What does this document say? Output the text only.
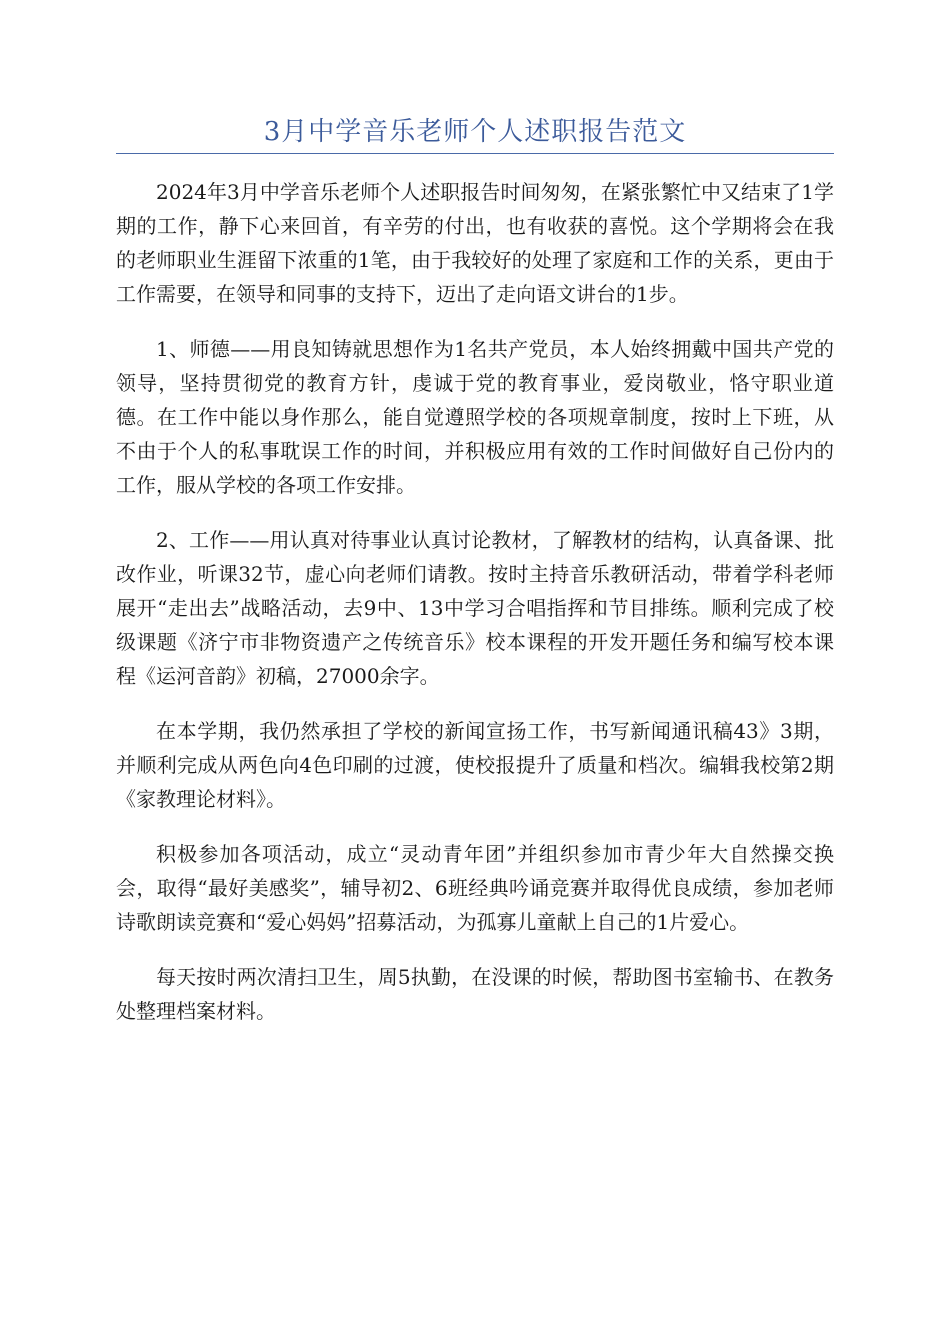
3月中学音乐老师个人述职报告范文

2024年3月中学音乐老师个人述职报告时间匆匆，在紧张繁忙中又结束了1学期的工作，静下心来回首，有辛劳的付出，也有收获的喜悦。这个学期将会在我的老师职业生涯留下浓重的1笔，由于我较好的处理了家庭和工作的关系，更由于工作需要，在领导和同事的支持下，迈出了走向语文讲台的1步。

1、师德——用良知铸就思想作为1名共产党员，本人始终拥戴中国共产党的领导，坚持贯彻党的教育方针，虔诚于党的教育事业，爱岗敬业，恪守职业道德。在工作中能以身作那么，能自觉遵照学校的各项规章制度，按时上下班，从不由于个人的私事耽误工作的时间，并积极应用有效的工作时间做好自己份内的工作，服从学校的各项工作安排。

2、工作——用认真对待事业认真讨论教材，了解教材的结构，认真备课、批改作业，听课32节，虚心向老师们请教。按时主持音乐教研活动，带着学科老师展开“走出去”战略活动，去9中、13中学习合唱指挥和节目排练。顺利完成了校级课题《济宁市非物资遗产之传统音乐》校本课程的开发开题任务和编写校本课程《运河音韵》初稿，27000余字。

在本学期，我仍然承担了学校的新闻宣扬工作，书写新闻通讯稿43》3期，并顺利完成从两色向4色印刷的过渡，使校报提升了质量和档次。编辑我校第2期《家教理论材料》。

积极参加各项活动，成立“灵动青年团”并组织参加市青少年大自然操交换会，取得“最好美感奖”，辅导初2、6班经典吟诵竞赛并取得优良成绩，参加老师诗歌朗读竞赛和“爱心妈妈”招募活动，为孤寡儿童献上自己的1片爱心。

每天按时两次清扫卫生，周5执勤，在没课的时候，帮助图书室输书、在教务处整理档案材料。
